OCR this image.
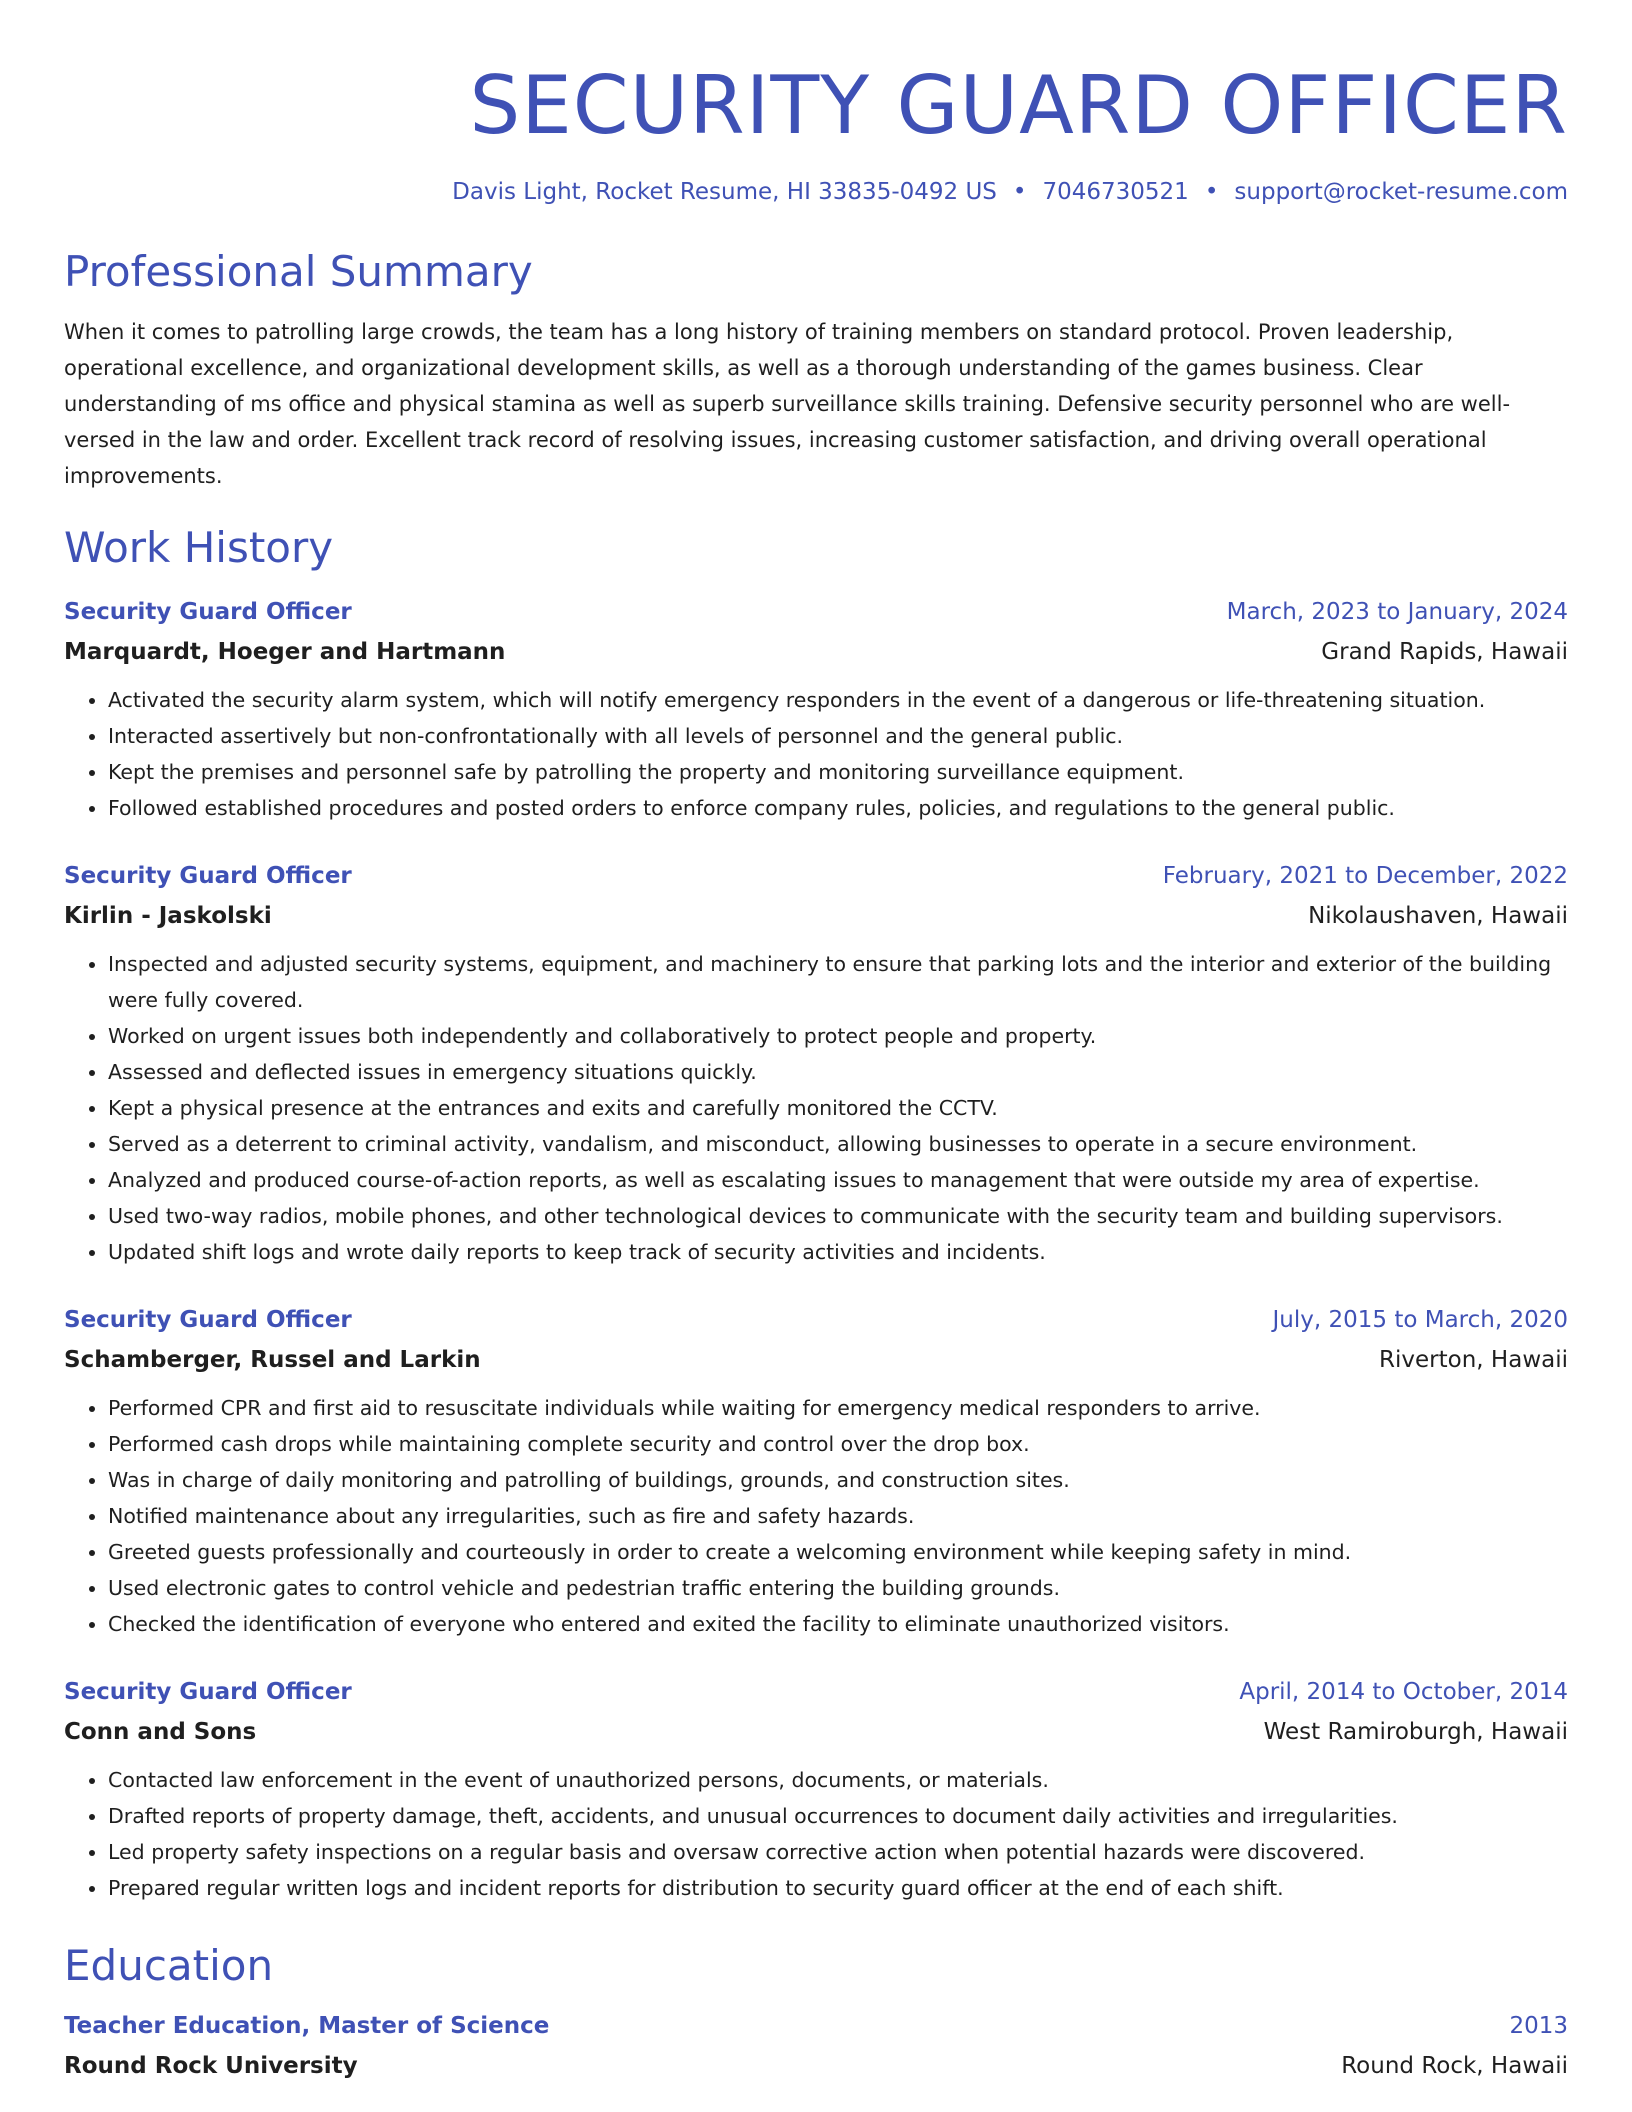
SECURITY GUARD OFFICER
Davis Light, Rocket Resume, HI 33835-0492 US • 7046730521 • support@rocket-resume.com
Professional Summary
When it comes to patrolling large crowds, the team has a long history of training members on standard protocol. Proven leadership, operational excellence, and organizational development skills, as well as a thorough understanding of the games business. Clear understanding of ms office and physical stamina as well as superb surveillance skills training. Defensive security personnel who are well-versed in the law and order. Excellent track record of resolving issues, increasing customer satisfaction, and driving overall operational improvements.
Work History
Security Guard Officer	March, 2023 to January, 2024
Marquardt, Hoeger and Hartmann	Grand Rapids, Hawaii
• Activated the security alarm system, which will notify emergency responders in the event of a dangerous or life-threatening situation.
• Interacted assertively but non-confrontationally with all levels of personnel and the general public.
• Kept the premises and personnel safe by patrolling the property and monitoring surveillance equipment.
• Followed established procedures and posted orders to enforce company rules, policies, and regulations to the general public.
Security Guard Officer	February, 2021 to December, 2022
Kirlin - Jaskolski	Nikolaushaven, Hawaii
• Inspected and adjusted security systems, equipment, and machinery to ensure that parking lots and the interior and exterior of the building were fully covered.
• Worked on urgent issues both independently and collaboratively to protect people and property.
• Assessed and deflected issues in emergency situations quickly.
• Kept a physical presence at the entrances and exits and carefully monitored the CCTV.
• Served as a deterrent to criminal activity, vandalism, and misconduct, allowing businesses to operate in a secure environment.
• Analyzed and produced course-of-action reports, as well as escalating issues to management that were outside my area of expertise.
• Used two-way radios, mobile phones, and other technological devices to communicate with the security team and building supervisors.
• Updated shift logs and wrote daily reports to keep track of security activities and incidents.
Security Guard Officer	July, 2015 to March, 2020
Schamberger, Russel and Larkin	Riverton, Hawaii
• Performed CPR and first aid to resuscitate individuals while waiting for emergency medical responders to arrive.
• Performed cash drops while maintaining complete security and control over the drop box.
• Was in charge of daily monitoring and patrolling of buildings, grounds, and construction sites.
• Notified maintenance about any irregularities, such as fire and safety hazards.
• Greeted guests professionally and courteously in order to create a welcoming environment while keeping safety in mind.
• Used electronic gates to control vehicle and pedestrian traffic entering the building grounds.
• Checked the identification of everyone who entered and exited the facility to eliminate unauthorized visitors.
Security Guard Officer	April, 2014 to October, 2014
Conn and Sons	West Ramiroburgh, Hawaii
• Contacted law enforcement in the event of unauthorized persons, documents, or materials.
• Drafted reports of property damage, theft, accidents, and unusual occurrences to document daily activities and irregularities.
• Led property safety inspections on a regular basis and oversaw corrective action when potential hazards were discovered.
• Prepared regular written logs and incident reports for distribution to security guard officer at the end of each shift.
Education
Teacher Education, Master of Science	2013
Round Rock University	Round Rock, Hawaii
